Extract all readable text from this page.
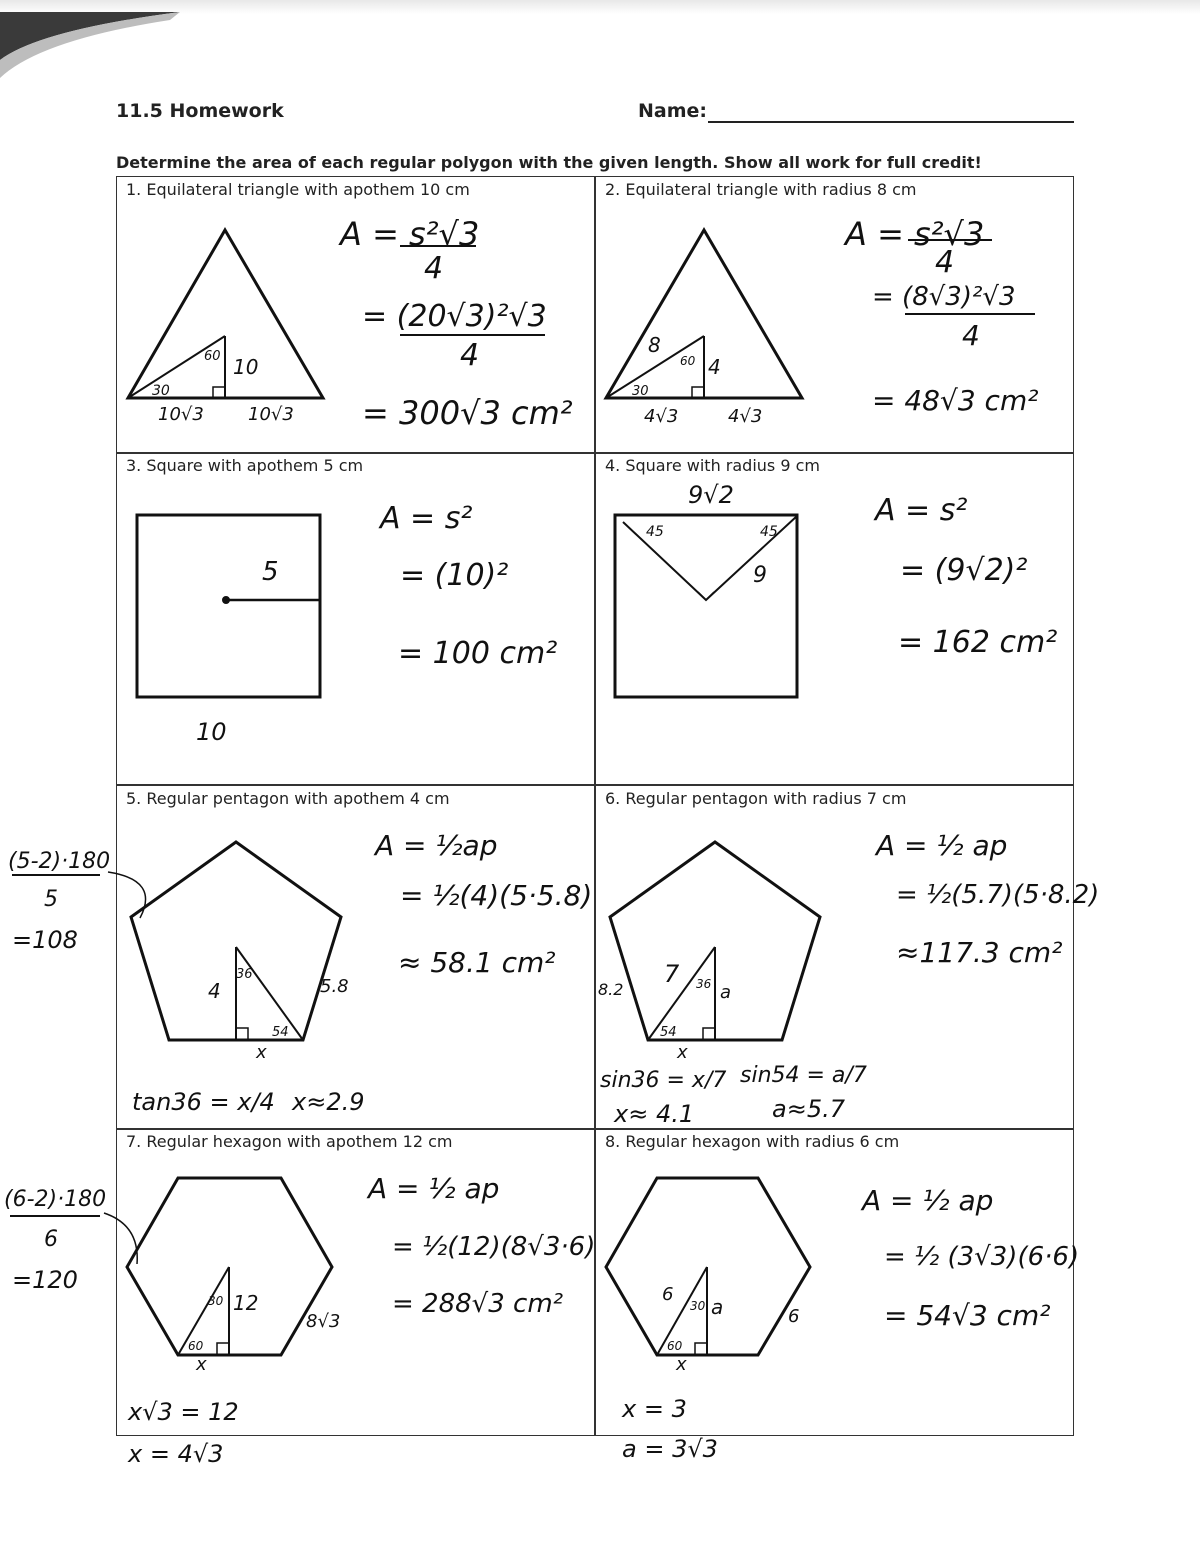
11.5 Homework	Name:
Determine the area of each regular polygon with the given length. Show all work for full credit!
1. Equilateral triangle with apothem 10 cm	2. Equilateral triangle with radius 8 cm
3. Square with apothem 5 cm	4. Square with radius 9 cm
5. Regular pentagon with apothem 4 cm	6. Regular pentagon with radius 7 cm
7. Regular hexagon with apothem 12 cm	8. Regular hexagon with radius 6 cm
60 10
30
10√3 10√3
A = s²√3
4
= (20√3)²√3
4
= 300√3 cm²
8
60 4
30
4√3	4√3
A = s²√3
4
= (8√3)²√3
4
= 48√3 cm²
5
10
A = s²
= (10)²
= 100 cm²
9√2
45	45
9
A = s²
= (9√2)²
= 162 cm²
4
36
5.8
54
x
A = ½ap
= ½(4)(5·5.8)
≈ 58.1 cm²
(5-2)·180
5
=108
tan36 = x/4 x≈2.9
8.2
7 36 a
54
x
A = ½ ap
= ½(5.7)(5·8.2)
≈117.3 cm²
sin36 = x/7 sin54 = a/7
x≈ 4.1	a≈5.7
30 12
8√3
60
x
A = ½ ap
= ½(12)(8√3·6)
= 288√3 cm²
(6-2)·180
6
=120
x√3 = 12
x = 4√3
6
30 a	6
60
x
A = ½ ap
= ½ (3√3)(6·6)
= 54√3 cm²
x = 3
a = 3√3
